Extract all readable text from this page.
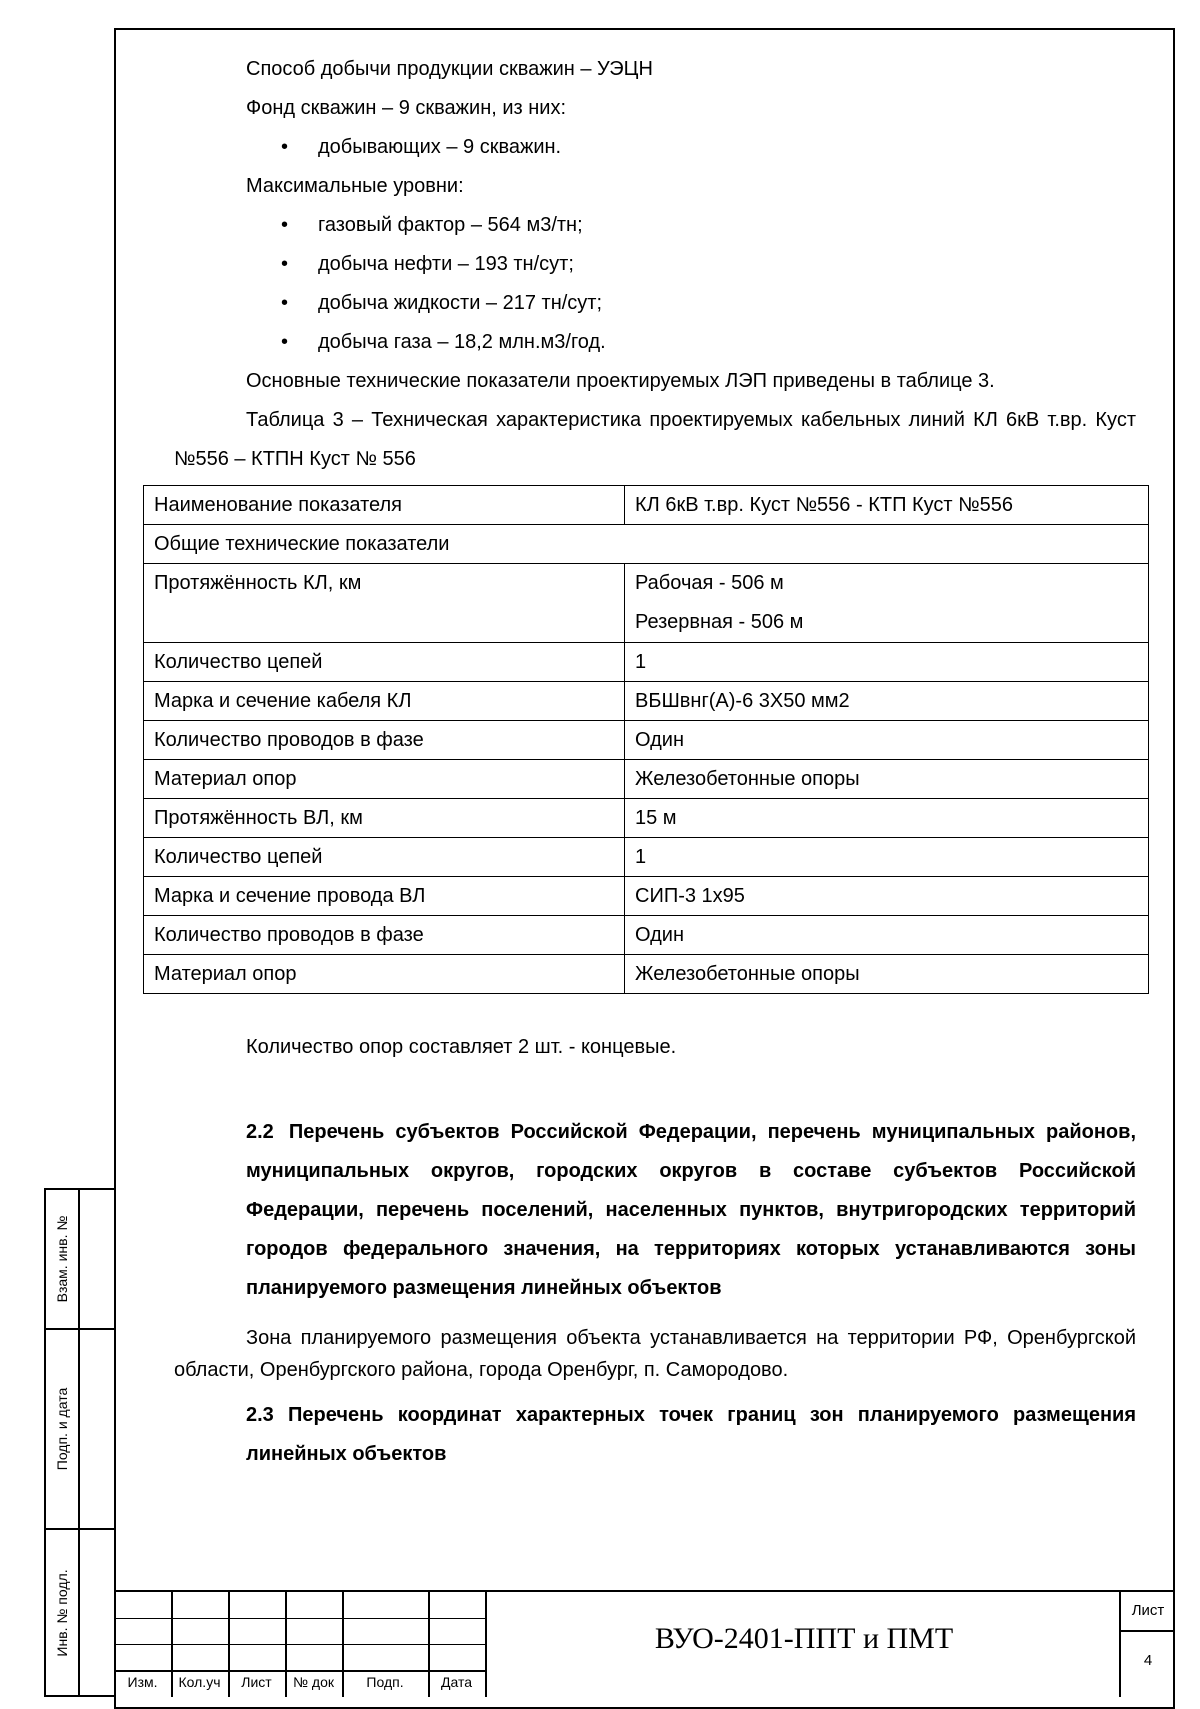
Способ добычи продукции скважин – УЭЦН

Фонд скважин – 9 скважин, из них:

• добывающих – 9 скважин.

Максимальные уровни:

• газовый фактор – 564 м3/тн;

• добыча нефти – 193 тн/сут;

• добыча жидкости – 217 тн/сут;

• добыча газа – 18,2 млн.м3/год.

Основные технические показатели проектируемых ЛЭП приведены в таблице 3.

Таблица 3 – Техническая характеристика проектируемых кабельных линий КЛ 6кВ т.вр. Куст №556 – КТПН Куст № 556

Наименование показателя	КЛ 6кВ т.вр. Куст №556 - КТП Куст №556
Общие технические показатели	
Протяжённость КЛ, км	Рабочая - 506 м
Резервная - 506 м

Количество цепей	1
Марка и сечение кабеля КЛ	ВБШвнг(А)-6 3Х50 мм2
Количество проводов в фазе	Один
Материал опор	Железобетонные опоры
Протяжённость ВЛ, км	15 м
Количество цепей	1
Марка и сечение провода ВЛ	СИП-3 1х95
Количество проводов в фазе	Один
Материал опор	Железобетонные опоры

Количество опор составляет 2 шт. - концевые.

2.2 Перечень субъектов Российской Федерации, перечень муниципальных районов, муниципальных округов, городских округов в составе субъектов Российской Федерации, перечень поселений, населенных пунктов, внутригородских территорий городов федерального значения, на территориях которых устанавливаются зоны планируемого размещения линейных объектов

Зона планируемого размещения объекта устанавливается на территории РФ, Оренбургской области, Оренбургского района, города Оренбург, п. Самородово.

2.3 Перечень координат характерных точек границ зон планируемого размещения линейных объектов

Взам. инв. №
Подп. и дата
Инв. № подл.
Изм.	Кол.уч	Лист	№ док	Подп.	Дата
ВУО-2401-ППТ и ПМТ
Лист
4
